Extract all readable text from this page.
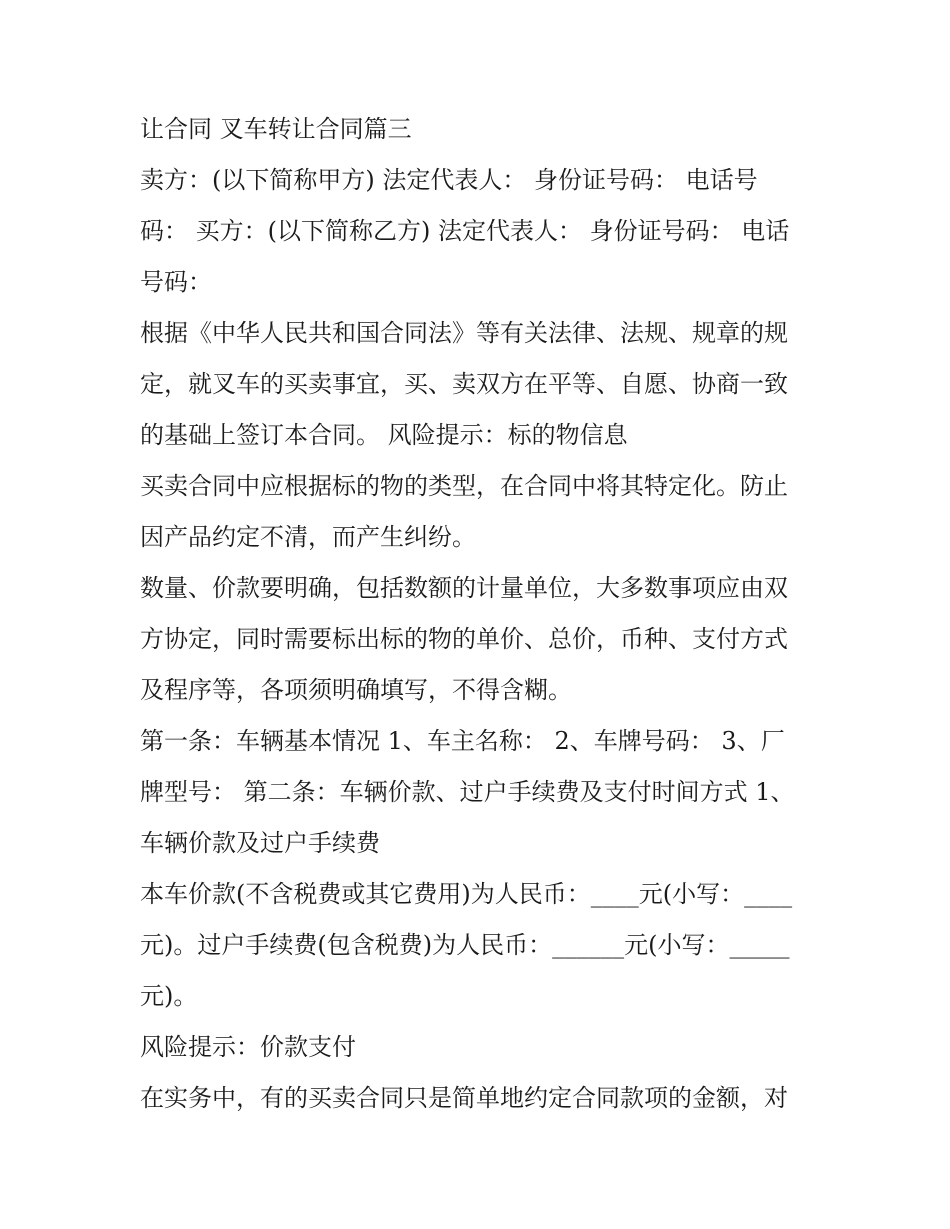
让合同 叉车转让合同篇三
卖方：(以下简称甲方) 法定代表人： 身份证号码： 电话号
码： 买方：(以下简称乙方) 法定代表人： 身份证号码： 电话
号码：
根据《中华人民共和国合同法》等有关法律、法规、规章的规
定，就叉车的买卖事宜，买、卖双方在平等、自愿、协商一致
的基础上签订本合同。 风险提示：标的物信息
买卖合同中应根据标的物的类型，在合同中将其特定化。防止
因产品约定不清，而产生纠纷。
数量、价款要明确，包括数额的计量单位，大多数事项应由双
方协定，同时需要标出标的物的单价、总价，币种、支付方式
及程序等，各项须明确填写，不得含糊。
第一条：车辆基本情况 1、车主名称： 2、车牌号码： 3、厂
牌型号： 第二条：车辆价款、过户手续费及支付时间方式 1、
车辆价款及过户手续费
本车价款(不含税费或其它费用)为人民币：____元(小写：____
元)。过户手续费(包含税费)为人民币：______元(小写：_____
元)。
风险提示：价款支付
在实务中，有的买卖合同只是简单地约定合同款项的金额，对
